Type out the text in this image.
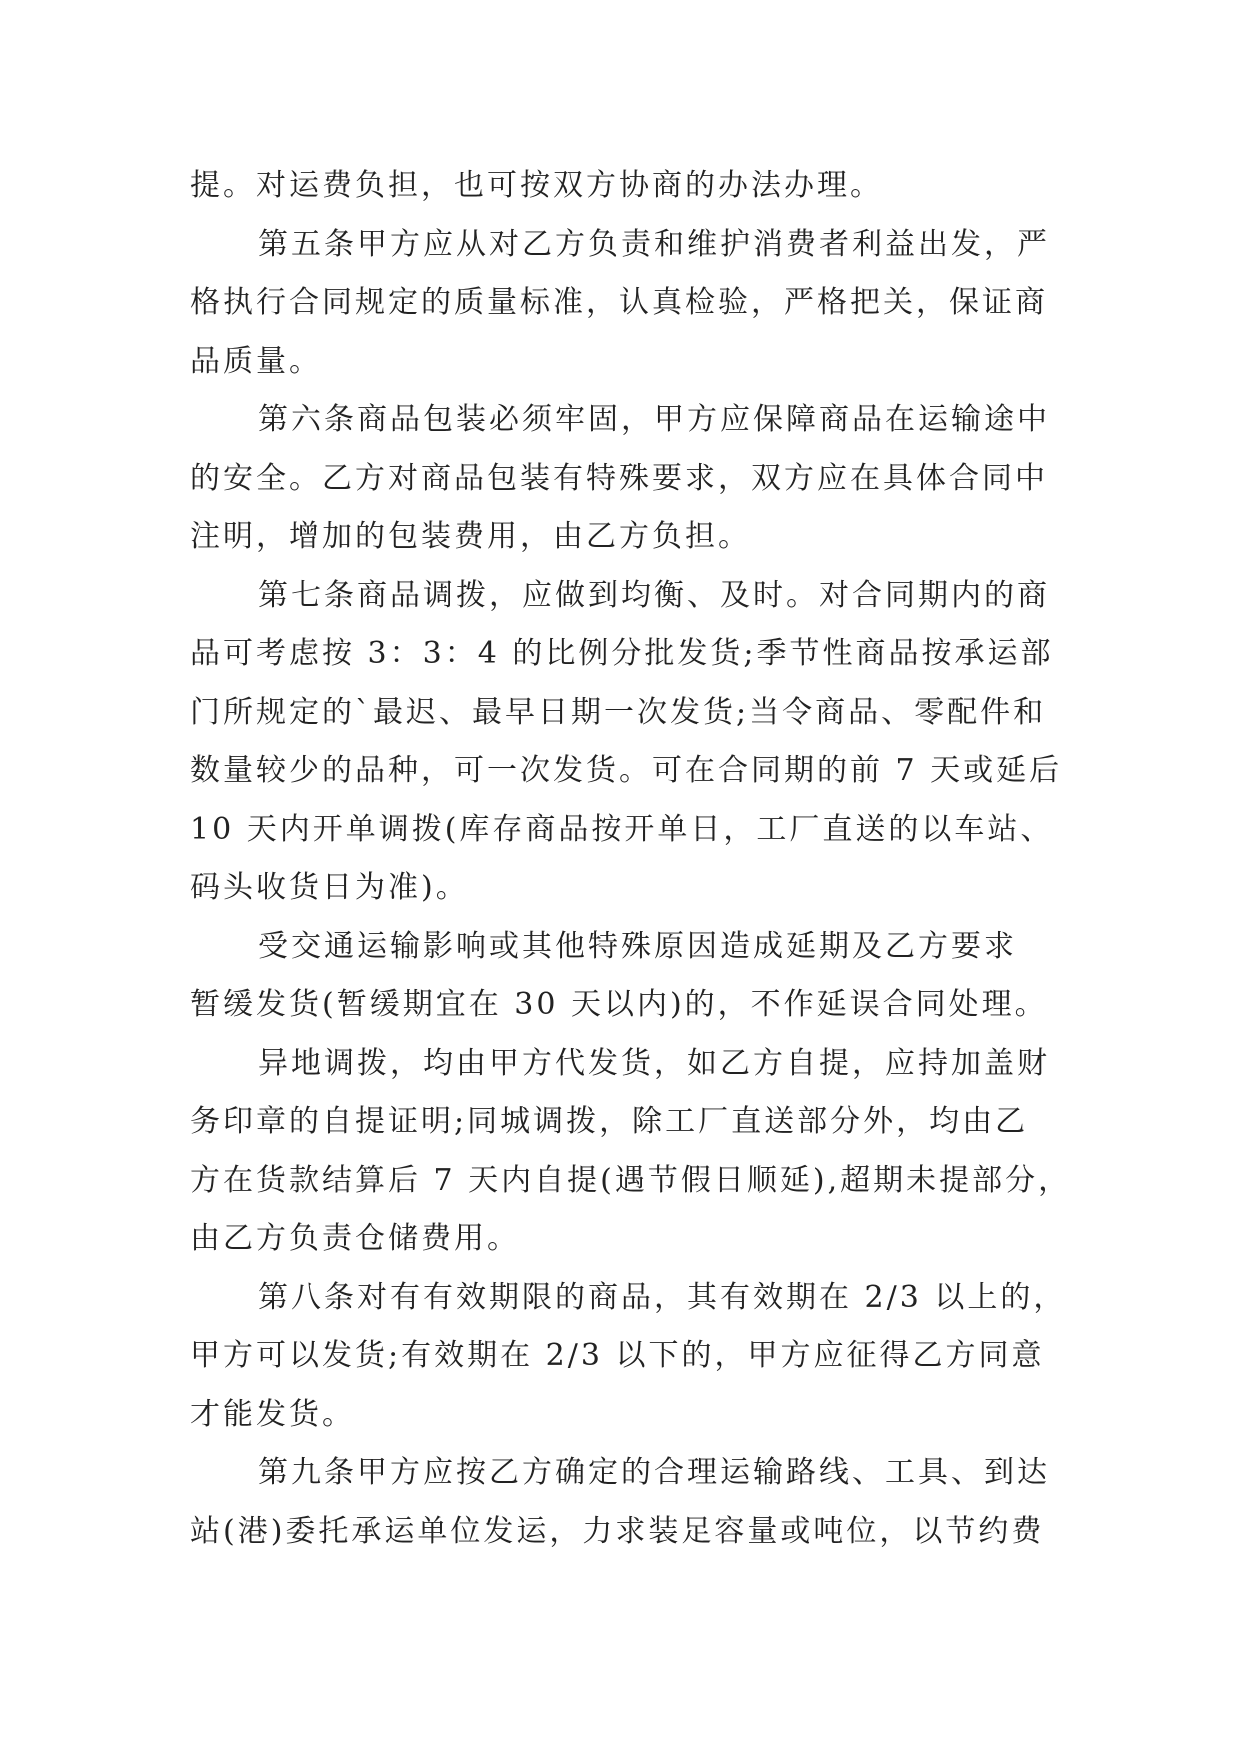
提。对运费负担，也可按双方协商的办法办理。
第五条甲方应从对乙方负责和维护消费者利益出发，严
格执行合同规定的质量标准，认真检验，严格把关，保证商
品质量。
第六条商品包装必须牢固，甲方应保障商品在运输途中
的安全。乙方对商品包装有特殊要求，双方应在具体合同中
注明，增加的包装费用，由乙方负担。
第七条商品调拨，应做到均衡、及时。对合同期内的商
品可考虑按 3：3：4 的比例分批发货;季节性商品按承运部
门所规定的`最迟、最早日期一次发货;当令商品、零配件和
数量较少的品种，可一次发货。可在合同期的前 7 天或延后
10 天内开单调拨(库存商品按开单日，工厂直送的以车站、
码头收货日为准)。
受交通运输影响或其他特殊原因造成延期及乙方要求
暂缓发货(暂缓期宜在 30 天以内)的，不作延误合同处理。
异地调拨，均由甲方代发货，如乙方自提，应持加盖财
务印章的自提证明;同城调拨，除工厂直送部分外，均由乙
方在货款结算后 7 天内自提(遇节假日顺延),超期未提部分，
由乙方负责仓储费用。
第八条对有有效期限的商品，其有效期在 2/3 以上的，
甲方可以发货;有效期在 2/3 以下的，甲方应征得乙方同意
才能发货。
第九条甲方应按乙方确定的合理运输路线、工具、到达
站(港)委托承运单位发运，力求装足容量或吨位，以节约费
